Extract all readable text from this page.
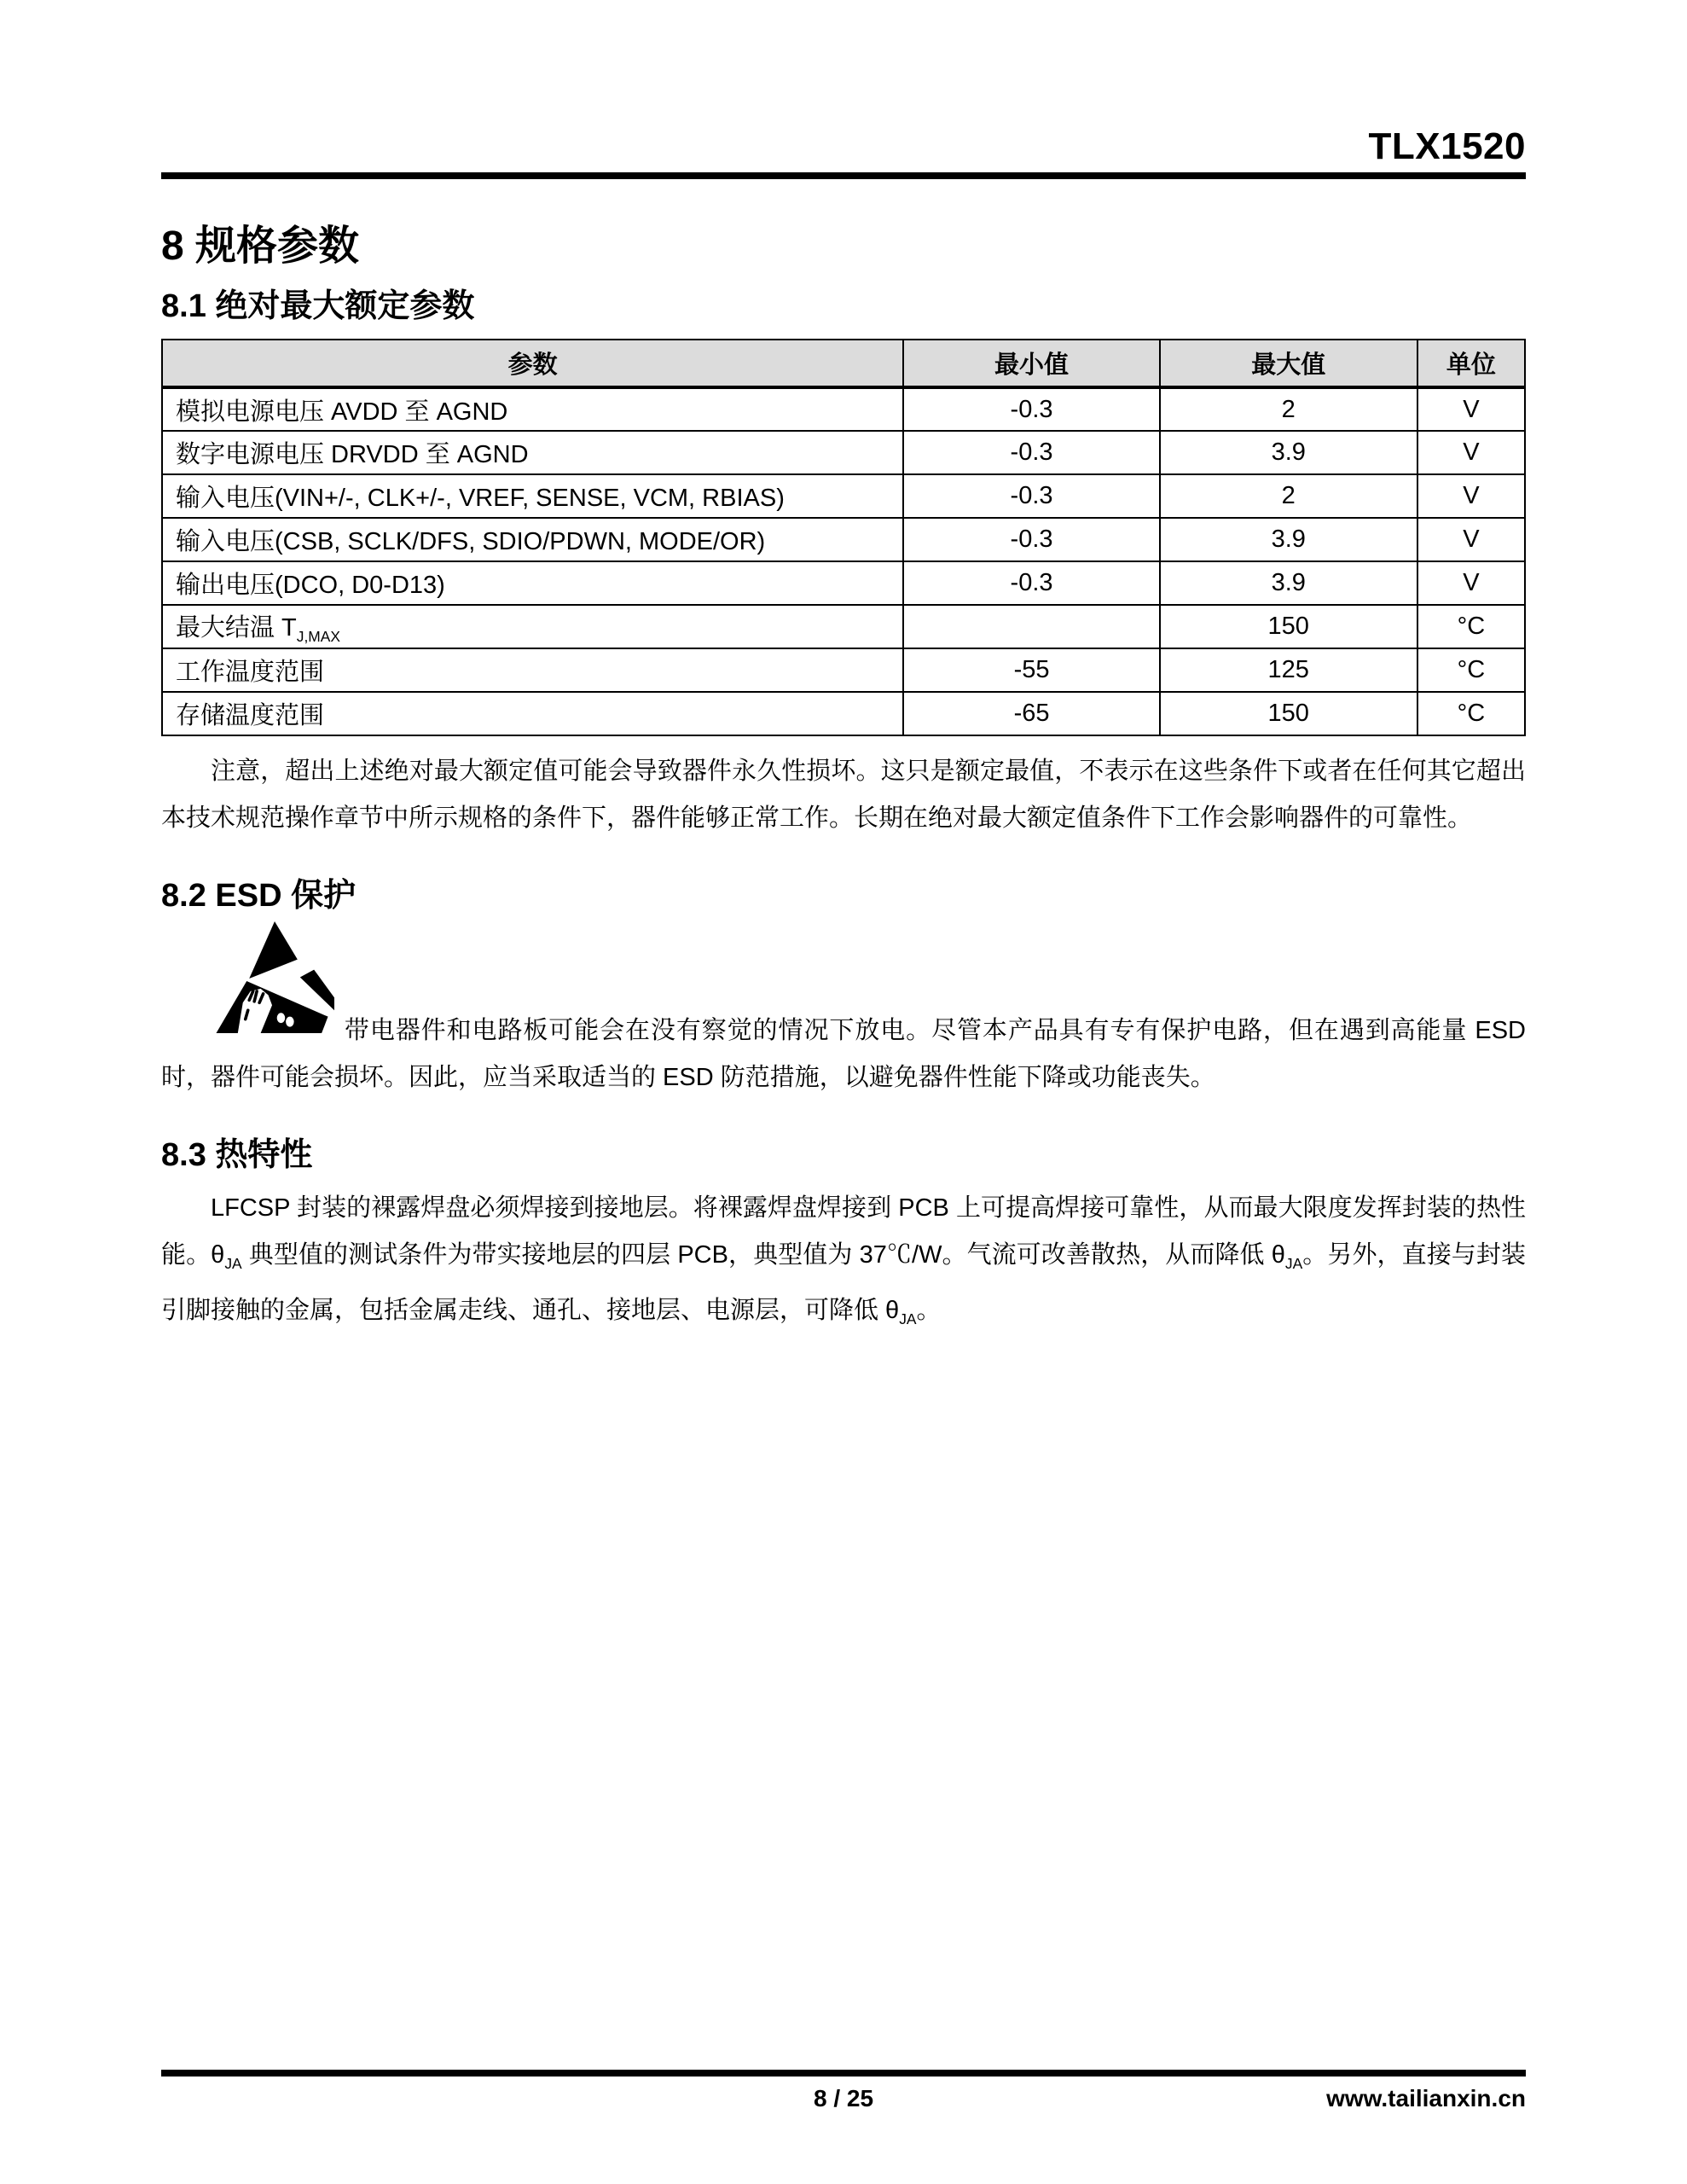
TLX1520
8 规格参数
8.1 绝对最大额定参数
参数	最小值	最大值	单位
模拟电源电压 AVDD 至 AGND	-0.3	2	V
数字电源电压 DRVDD 至 AGND	-0.3	3.9	V
输入电压(VIN+/-, CLK+/-, VREF, SENSE, VCM, RBIAS)	-0.3	2	V
输入电压(CSB, SCLK/DFS, SDIO/PDWN, MODE/OR)	-0.3	3.9	V
输出电压(DCO, D0-D13)	-0.3	3.9	V
最大结温 $T_{J,MAX}$		150	°C
工作温度范围	-55	125	°C
存储温度范围	-65	150	°C

注意，超出上述绝对最大额定值可能会导致器件永久性损坏。这只是额定最值，不表示在这些条件下或者在任何其它超出本技术规范操作章节中所示规格的条件下，器件能够正常工作。长期在绝对最大额定值条件下工作会影响器件的可靠性。

8.2 ESD 保护

带电器件和电路板可能会在没有察觉的情况下放电。尽管本产品具有专有保护电路，但在遇到高能量 ESD 时，器件可能会损坏。因此，应当采取适当的 ESD 防范措施，以避免器件性能下降或功能丧失。

8.3 热特性

LFCSP 封装的裸露焊盘必须焊接到接地层。将裸露焊盘焊接到 PCB 上可提高焊接可靠性，从而最大限度发挥封装的热性能。$\theta_{JA}$ 典型值的测试条件为带实接地层的四层 PCB，典型值为 37℃/W。气流可改善散热，从而降低 $\theta_{JA}$。另外，直接与封装引脚接触的金属，包括金属走线、通孔、接地层、电源层，可降低 $\theta_{JA}$。

8 / 25	www.tailianxin.cn
